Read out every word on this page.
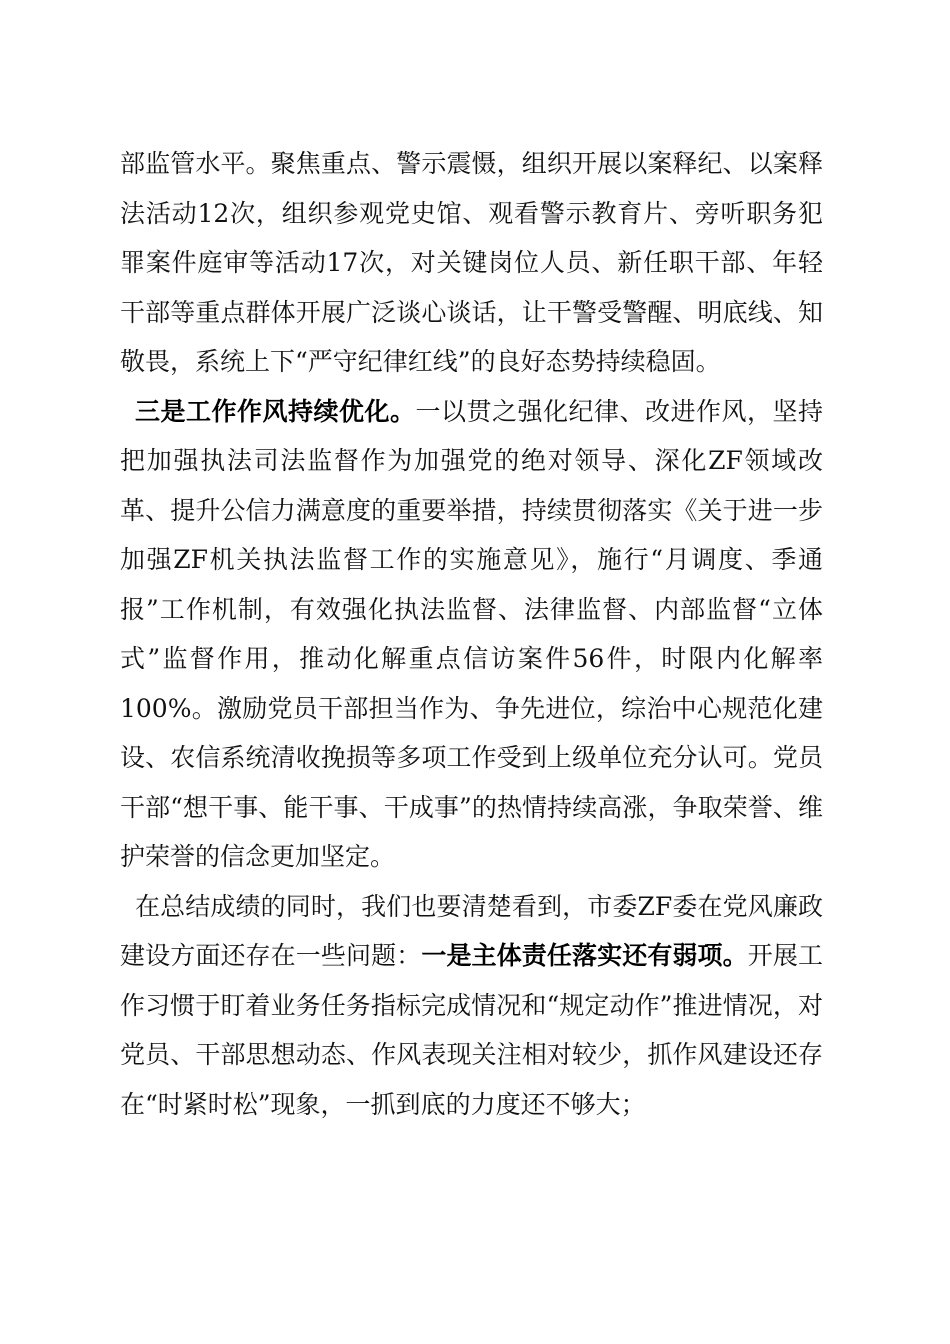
部监管水平。聚焦重点、警示震慑，组织开展以案释纪、以案释法活动12次，组织参观党史馆、观看警示教育片、旁听职务犯罪案件庭审等活动17次，对关键岗位人员、新任职干部、年轻干部等重点群体开展广泛谈心谈话，让干警受警醒、明底线、知敬畏，系统上下“严守纪律红线”的良好态势持续稳固。

三是工作作风持续优化。一以贯之强化纪律、改进作风，坚持把加强执法司法监督作为加强党的绝对领导、深化ZF领域改革、提升公信力满意度的重要举措，持续贯彻落实《关于进一步加强ZF机关执法监督工作的实施意见》，施行“月调度、季通报”工作机制，有效强化执法监督、法律监督、内部监督“立体式”监督作用，推动化解重点信访案件56件，时限内化解率100%。激励党员干部担当作为、争先进位，综治中心规范化建设、农信系统清收挽损等多项工作受到上级单位充分认可。党员干部“想干事、能干事、干成事”的热情持续高涨，争取荣誉、维护荣誉的信念更加坚定。

在总结成绩的同时，我们也要清楚看到，市委ZF委在党风廉政建设方面还存在一些问题：一是主体责任落实还有弱项。开展工作习惯于盯着业务任务指标完成情况和“规定动作”推进情况，对党员、干部思想动态、作风表现关注相对较少，抓作风建设还存在“时紧时松”现象，一抓到底的力度还不够大；
